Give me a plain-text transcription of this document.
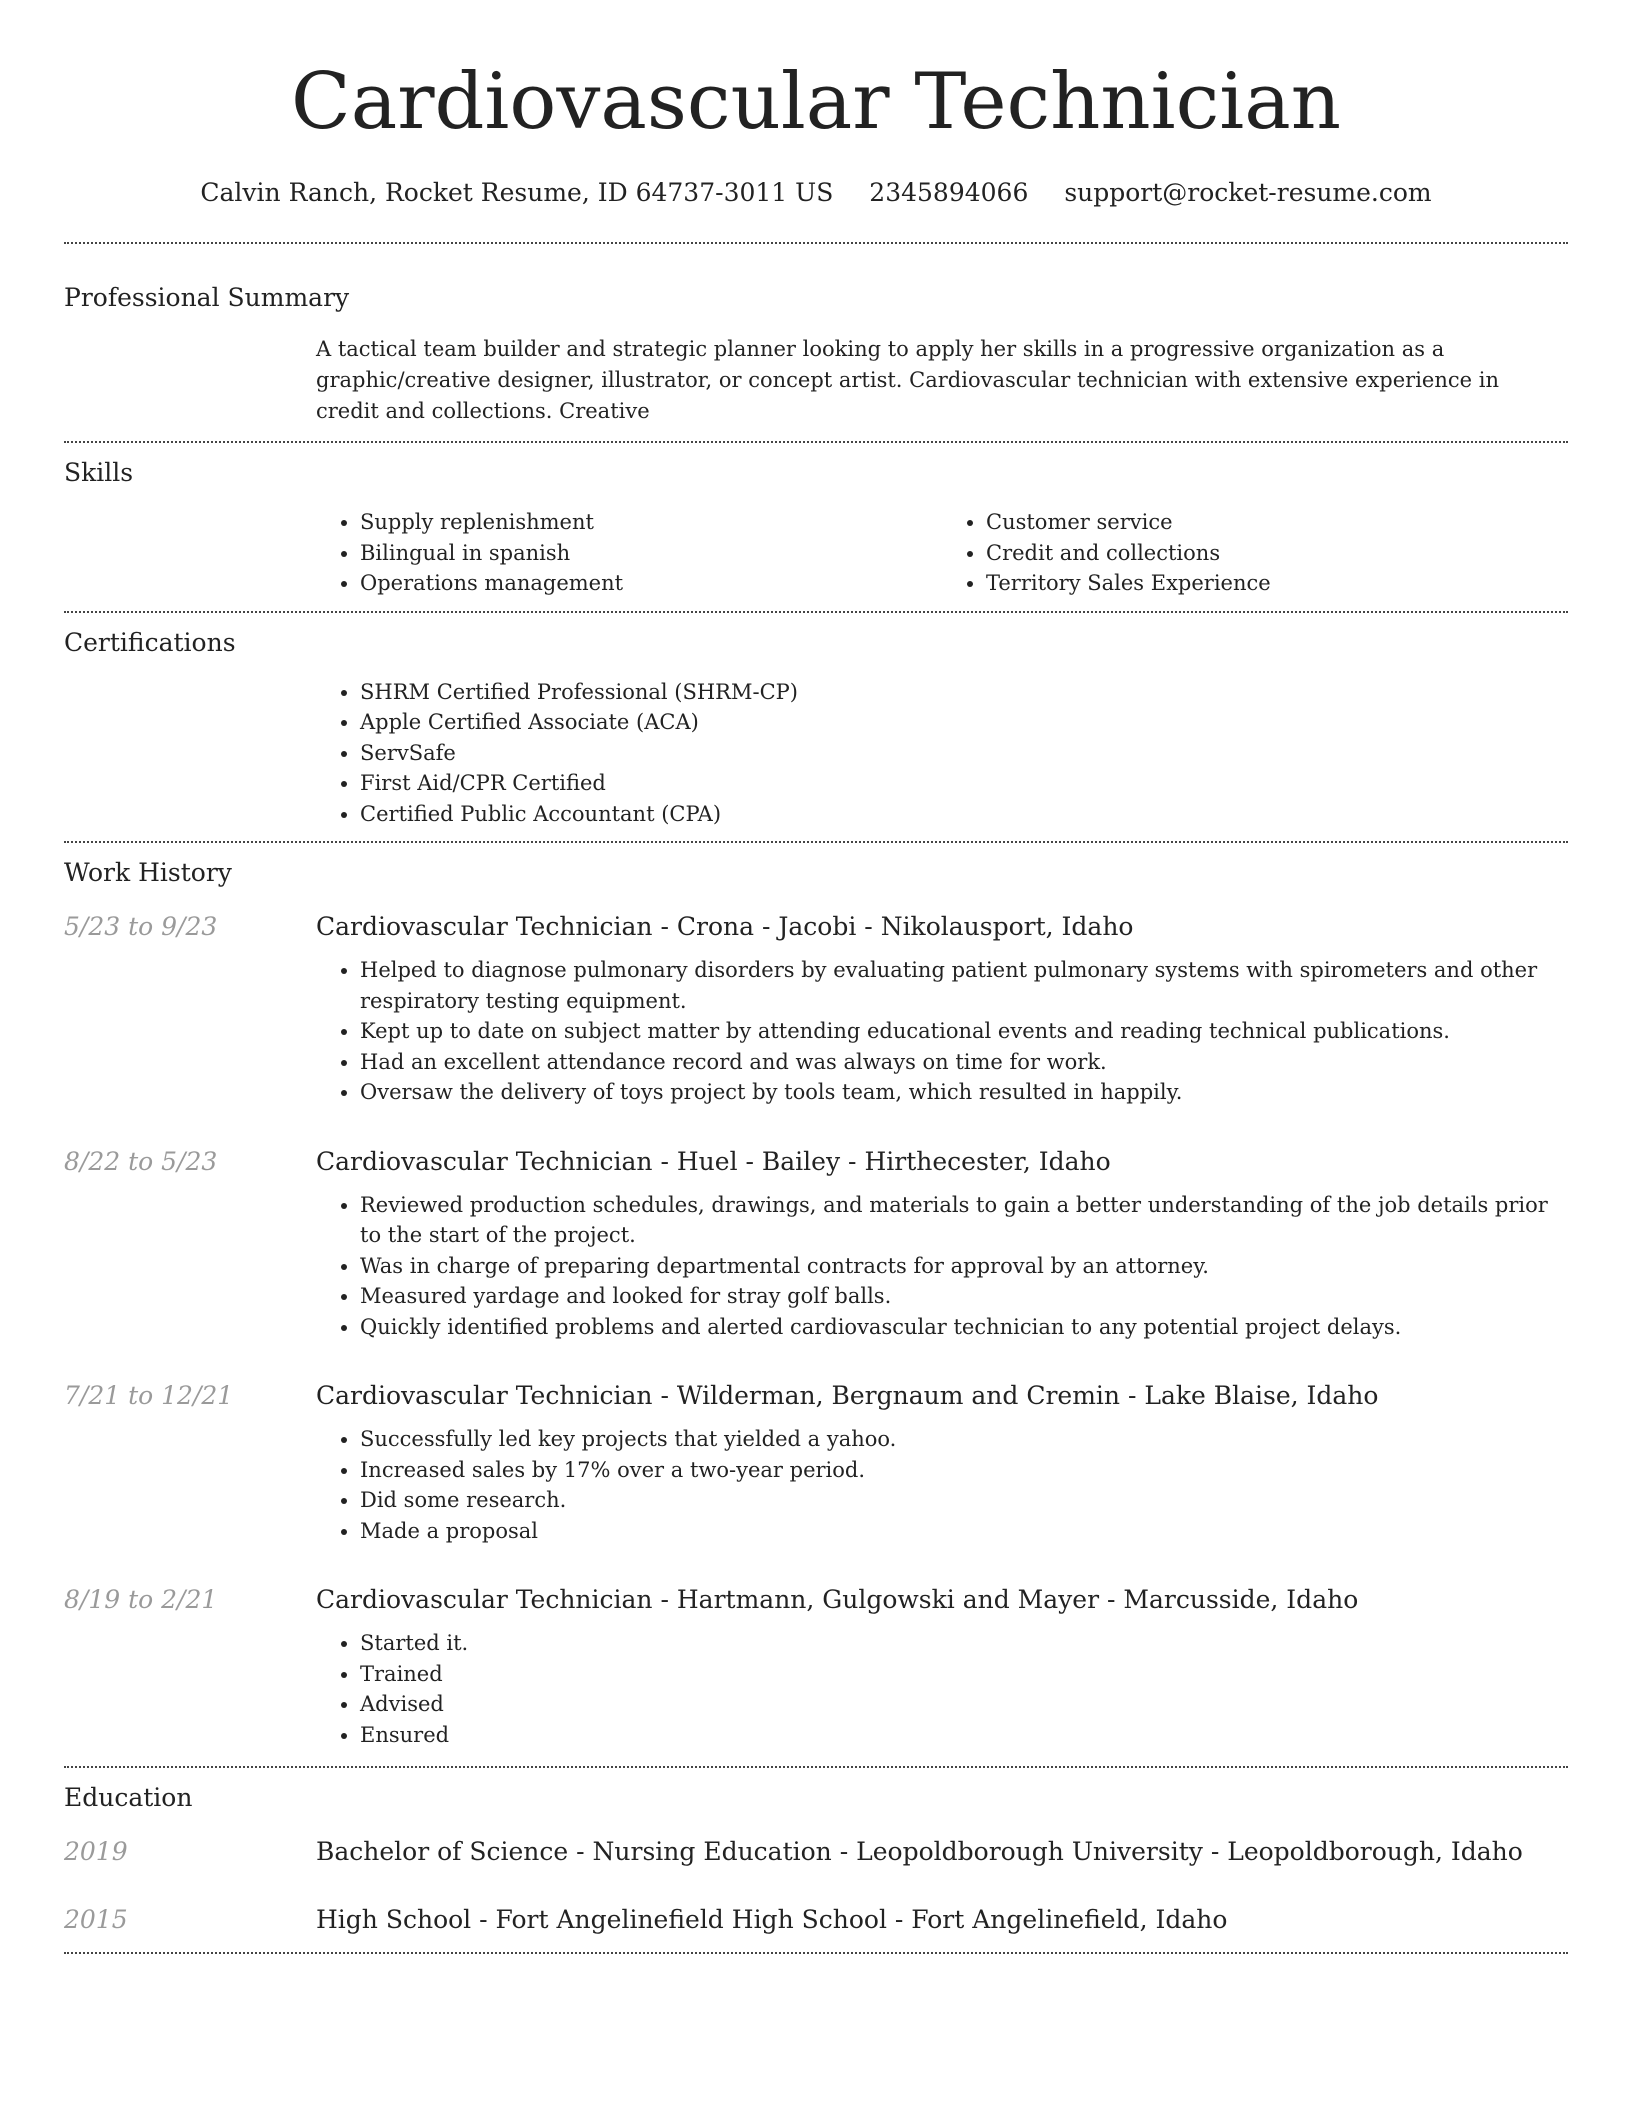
Cardiovascular Technician
Calvin Ranch, Rocket Resume, ID 64737-3011 US 2345894066 support@rocket-resume.com
Professional Summary
A tactical team builder and strategic planner looking to apply her skills in a progressive organization as a graphic/creative designer, illustrator, or concept artist. Cardiovascular technician with extensive experience in credit and collections. Creative
Skills
• Supply replenishment
• Bilingual in spanish
• Operations management
• Customer service
• Credit and collections
• Territory Sales Experience
Certifications
• SHRM Certified Professional (SHRM-CP)
• Apple Certified Associate (ACA)
• ServSafe
• First Aid/CPR Certified
• Certified Public Accountant (CPA)
Work History
5/23 to 9/23	Cardiovascular Technician - Crona - Jacobi - Nikolausport, Idaho
• Helped to diagnose pulmonary disorders by evaluating patient pulmonary systems with spirometers and other respiratory testing equipment.
• Kept up to date on subject matter by attending educational events and reading technical publications.
• Had an excellent attendance record and was always on time for work.
• Oversaw the delivery of toys project by tools team, which resulted in happily.
8/22 to 5/23	Cardiovascular Technician - Huel - Bailey - Hirthecester, Idaho
• Reviewed production schedules, drawings, and materials to gain a better understanding of the job details prior to the start of the project.
• Was in charge of preparing departmental contracts for approval by an attorney.
• Measured yardage and looked for stray golf balls.
• Quickly identified problems and alerted cardiovascular technician to any potential project delays.
7/21 to 12/21	Cardiovascular Technician - Wilderman, Bergnaum and Cremin - Lake Blaise, Idaho
• Successfully led key projects that yielded a yahoo.
• Increased sales by 17% over a two-year period.
• Did some research.
• Made a proposal
8/19 to 2/21	Cardiovascular Technician - Hartmann, Gulgowski and Mayer - Marcusside, Idaho
• Started it.
• Trained
• Advised
• Ensured
Education
2019	Bachelor of Science - Nursing Education - Leopoldborough University - Leopoldborough, Idaho
2015	High School - Fort Angelinefield High School - Fort Angelinefield, Idaho
